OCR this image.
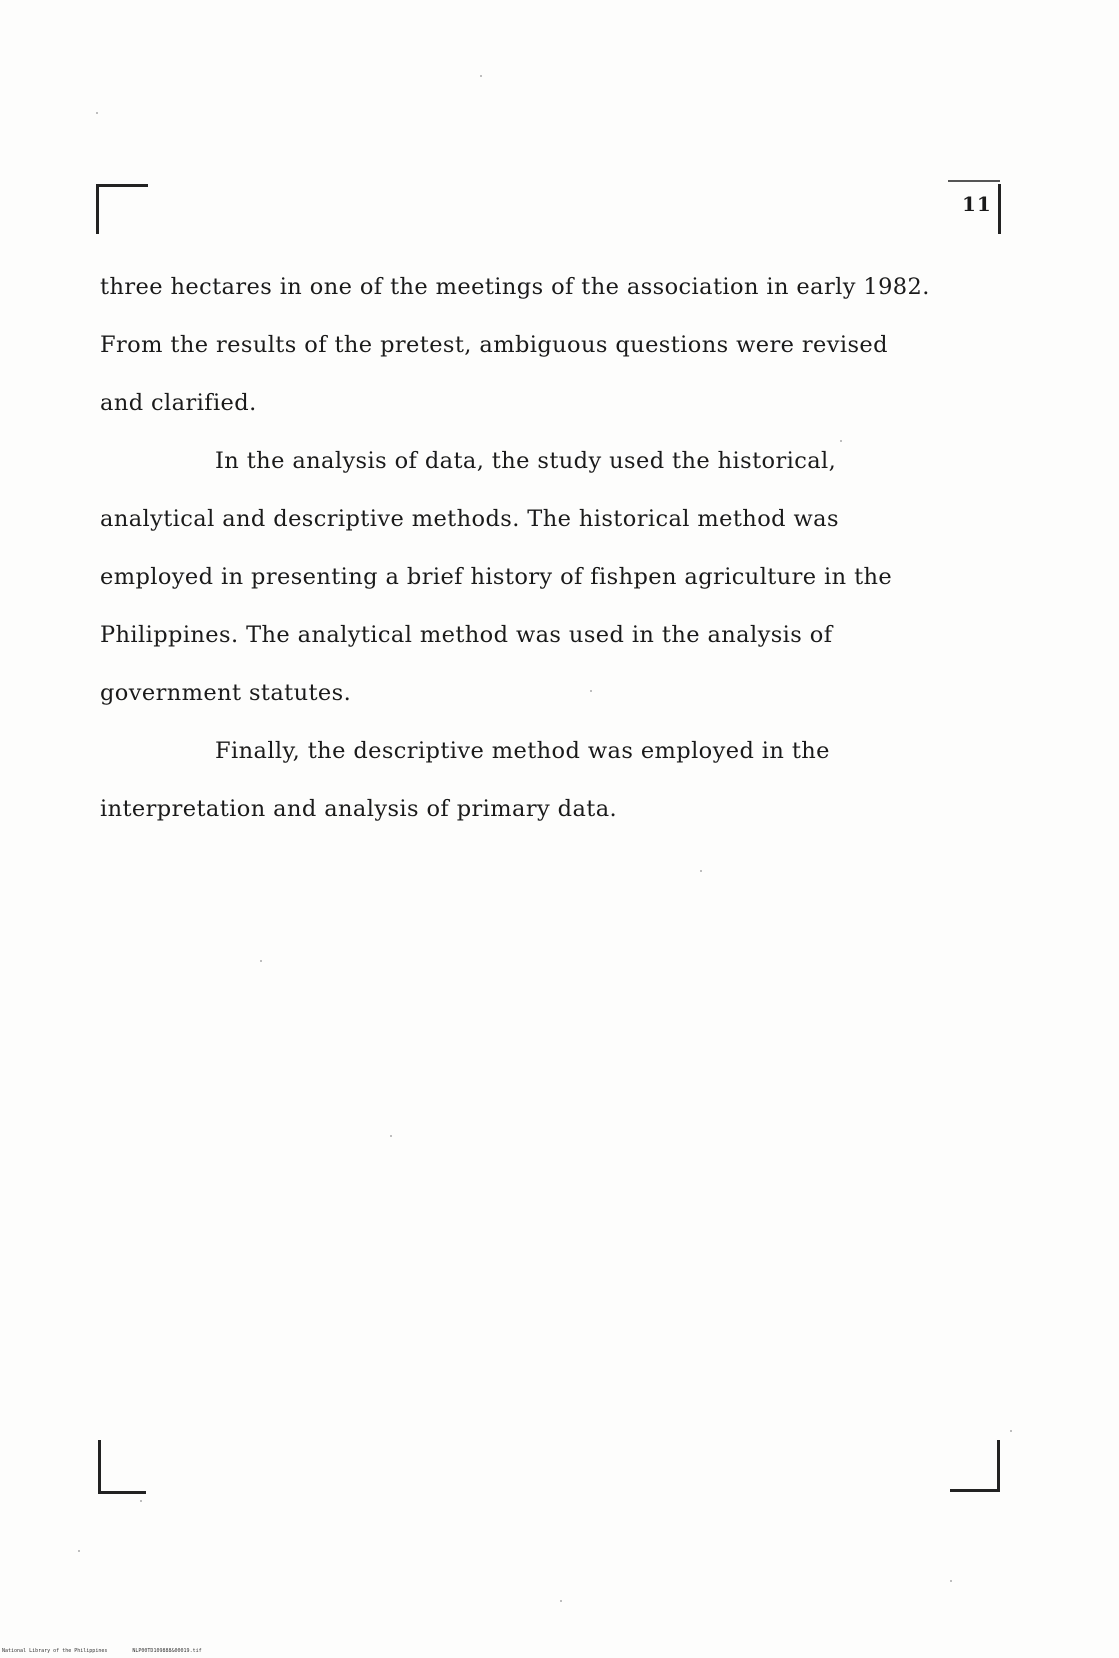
11
three hectares in one of the meetings of the association in early 1982.
From the results of the pretest, ambiguous questions were revised
and clarified.
In the analysis of data, the study used the historical,
analytical and descriptive methods. The historical method was
employed in presenting a brief history of fishpen agriculture in the
Philippines. The analytical method was used in the analysis of
government statutes.
Finally, the descriptive method was employed in the
interpretation and analysis of primary data.
National Library of the Philippines	NLP00TD109888&00019.tif
